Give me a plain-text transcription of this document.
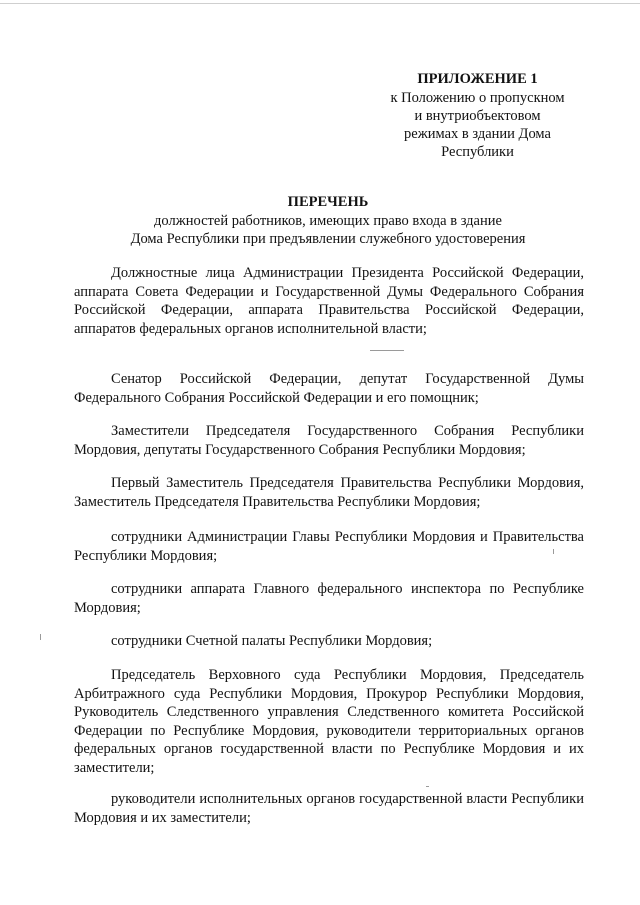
ПРИЛОЖЕНИЕ 1
к Положению о пропускном
и внутриобъектовом
режимах в здании Дома
Республики
ПЕРЕЧЕНЬ
должностей работников, имеющих право входа в здание
Дома Республики при предъявлении служебного удостоверения

Должностные лица Администрации Президента Российской Федерации, аппарата Совета Федерации и Государственной Думы Федерального Собрания Российской Федерации, аппарата Правительства Российской Федерации, аппаратов федеральных органов исполнительной власти;

Сенатор Российской Федерации, депутат Государственной Думы Федерального Собрания Российской Федерации и его помощник;

Заместители Председателя Государственного Собрания Республики Мордовия, депутаты Государственного Собрания Республики Мордовия;

Первый Заместитель Председателя Правительства Республики Мордовия, Заместитель Председателя Правительства Республики Мордовия;

сотрудники Администрации Главы Республики Мордовия и Правительства Республики Мордовия;

сотрудники аппарата Главного федерального инспектора по Республике Мордовия;

сотрудники Счетной палаты Республики Мордовия;

Председатель Верховного суда Республики Мордовия, Председатель Арбитражного суда Республики Мордовия, Прокурор Республики Мордовия, Руководитель Следственного управления Следственного комитета Российской Федерации по Республике Мордовия, руководители территориальных органов федеральных органов государственной власти по Республике Мордовия и их заместители;

руководители исполнительных органов государственной власти Республики Мордовия и их заместители;
